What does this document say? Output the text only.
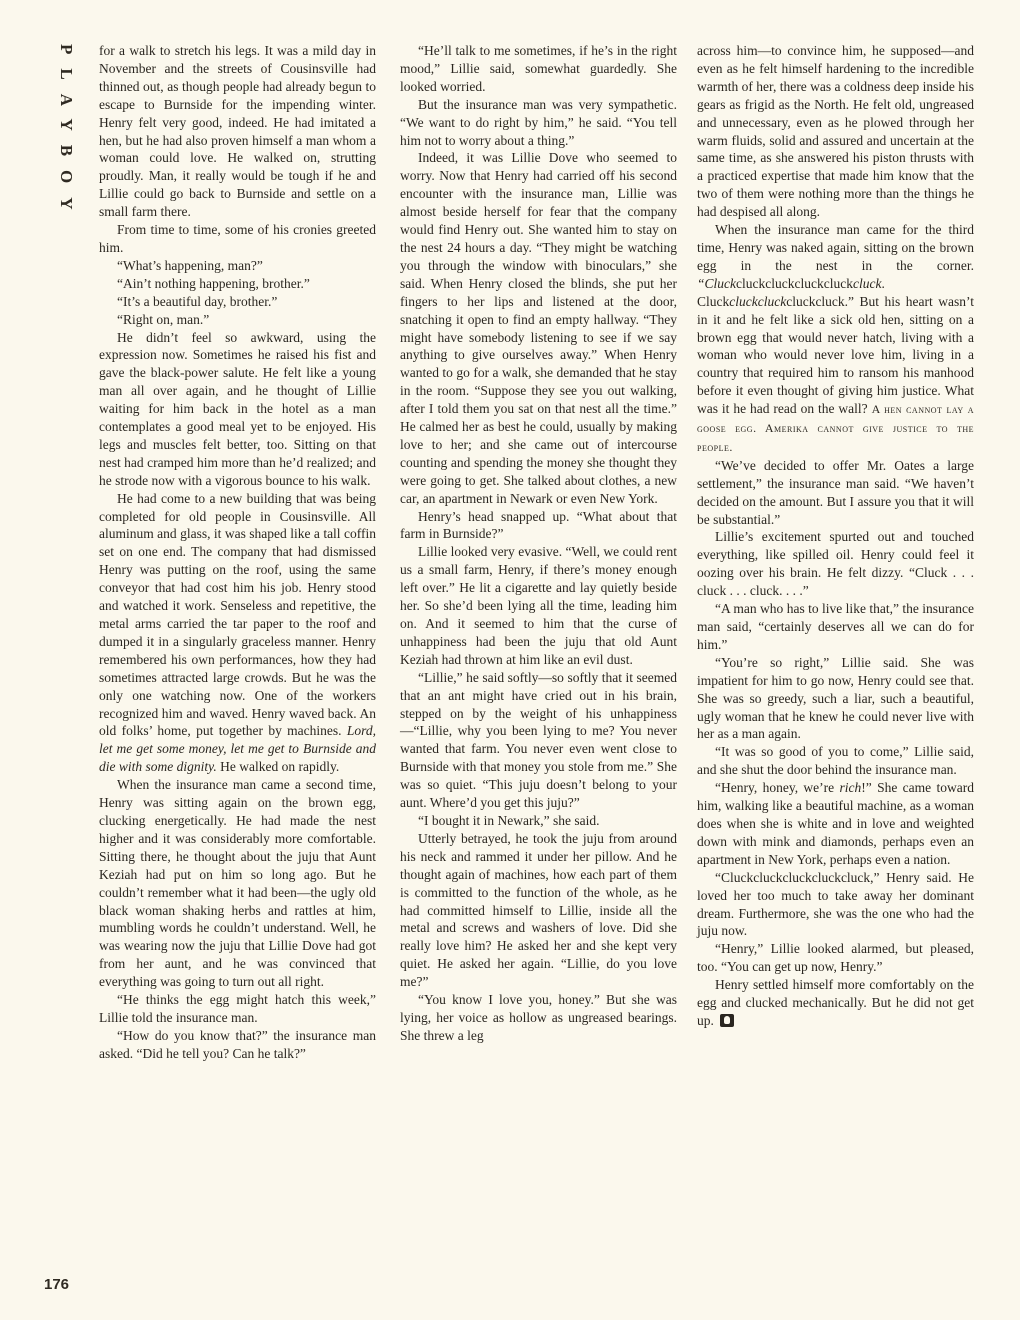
PLAYBOY
176

for a walk to stretch his legs. It was a mild day in November and the streets of Cousinsville had thinned out, as though people had already begun to escape to Burnside for the impending winter. Henry felt very good, indeed. He had imitated a hen, but he had also proven himself a man whom a woman could love. He walked on, strutting proudly. Man, it really would be tough if he and Lillie could go back to Burnside and settle on a small farm there.

From time to time, some of his cronies greeted him.

“What’s happening, man?”

“Ain’t nothing happening, brother.”

“It’s a beautiful day, brother.”

“Right on, man.”

He didn’t feel so awkward, using the expression now. Sometimes he raised his fist and gave the black-power salute. He felt like a young man all over again, and he thought of Lillie waiting for him back in the hotel as a man contemplates a good meal yet to be enjoyed. His legs and muscles felt better, too. Sitting on that nest had cramped him more than he’d realized; and he strode now with a vigorous bounce to his walk.

He had come to a new building that was being completed for old people in Cousinsville. All aluminum and glass, it was shaped like a tall coffin set on one end. The company that had dismissed Henry was putting on the roof, using the same conveyor that had cost him his job. Henry stood and watched it work. Senseless and repetitive, the metal arms carried the tar paper to the roof and dumped it in a singularly graceless manner. Henry remembered his own performances, how they had sometimes attracted large crowds. But he was the only one watching now. One of the workers recognized him and waved. Henry waved back. An old folks’ home, put together by machines. Lord, let me get some money, let me get to Burnside and die with some dignity. He walked on rapidly.

When the insurance man came a second time, Henry was sitting again on the brown egg, clucking energetically. He had made the nest higher and it was considerably more comfortable. Sitting there, he thought about the juju that Aunt Keziah had put on him so long ago. But he couldn’t remember what it had been—the ugly old black woman shaking herbs and rattles at him, mumbling words he couldn’t understand. Well, he was wearing now the juju that Lillie Dove had got from her aunt, and he was convinced that everything was going to turn out all right.

“He thinks the egg might hatch this week,” Lillie told the insurance man.

“How do you know that?” the insurance man asked. “Did he tell you? Can he talk?”

“He’ll talk to me sometimes, if he’s in the right mood,” Lillie said, somewhat guardedly. She looked worried.

But the insurance man was very sympathetic. “We want to do right by him,” he said. “You tell him not to worry about a thing.”

Indeed, it was Lillie Dove who seemed to worry. Now that Henry had carried off his second encounter with the insurance man, Lillie was almost beside herself for fear that the company would find Henry out. She wanted him to stay on the nest 24 hours a day. “They might be watching you through the window with binoculars,” she said. When Henry closed the blinds, she put her fingers to her lips and listened at the door, snatching it open to find an empty hallway. “They might have somebody listening to see if we say anything to give ourselves away.” When Henry wanted to go for a walk, she demanded that he stay in the room. “Suppose they see you out walking, after I told them you sat on that nest all the time.” He calmed her as best he could, usually by making love to her; and she came out of intercourse counting and spending the money she thought they were going to get. She talked about clothes, a new car, an apartment in Newark or even New York.

Henry’s head snapped up. “What about that farm in Burnside?”

Lillie looked very evasive. “Well, we could rent us a small farm, Henry, if there’s money enough left over.” He lit a cigarette and lay quietly beside her. So she’d been lying all the time, leading him on. And it seemed to him that the curse of unhappiness had been the juju that old Aunt Keziah had thrown at him like an evil dust.

“Lillie,” he said softly—so softly that it seemed that an ant might have cried out in his brain, stepped on by the weight of his unhappiness—“Lillie, why you been lying to me? You never wanted that farm. You never even went close to Burnside with that money you stole from me.” She was so quiet. “This juju doesn’t belong to your aunt. Where’d you get this juju?”

“I bought it in Newark,” she said.

Utterly betrayed, he took the juju from around his neck and rammed it under her pillow. And he thought again of machines, how each part of them is committed to the function of the whole, as he had committed himself to Lillie, inside all the metal and screws and washers of love. Did she really love him? He asked her and she kept very quiet. He asked her again. “Lillie, do you love me?”

“You know I love you, honey.” But she was lying, her voice as hollow as ungreased bearings. She threw a leg

across him—to convince him, he supposed—and even as he felt himself hardening to the incredible warmth of her, there was a coldness deep inside his gears as frigid as the North. He felt old, ungreased and unnecessary, even as he plowed through her warm fluids, solid and assured and uncertain at the same time, as she answered his piston thrusts with a practiced expertise that made him know that the two of them were nothing more than the things he had despised all along.

When the insurance man came for the third time, Henry was naked again, sitting on the brown egg in the nest in the corner. “Cluckcluckcluckcluckcluckcluck. Cluckcluckcluckcluckcluck.” But his heart wasn’t in it and he felt like a sick old hen, sitting on a brown egg that would never hatch, living with a woman who would never love him, living in a country that required him to ransom his manhood before it even thought of giving him justice. What was it he had read on the wall? A hen cannot lay a goose egg. Amerika cannot give justice to the people.

“We’ve decided to offer Mr. Oates a large settlement,” the insurance man said. “We haven’t decided on the amount. But I assure you that it will be substantial.”

Lillie’s excitement spurted out and touched everything, like spilled oil. Henry could feel it oozing over his brain. He felt dizzy. “Cluck . . . cluck . . . cluck. . . .”

“A man who has to live like that,” the insurance man said, “certainly deserves all we can do for him.”

“You’re so right,” Lillie said. She was impatient for him to go now, Henry could see that. She was so greedy, such a liar, such a beautiful, ugly woman that he knew he could never live with her as a man again.

“It was so good of you to come,” Lillie said, and she shut the door behind the insurance man.

“Henry, honey, we’re rich!” She came toward him, walking like a beautiful machine, as a woman does when she is white and in love and weighted down with mink and diamonds, perhaps even an apartment in New York, perhaps even a nation.

“Cluckcluckcluckcluckcluck,” Henry said. He loved her too much to take away her dominant dream. Furthermore, she was the one who had the juju now.

“Henry,” Lillie looked alarmed, but pleased, too. “You can get up now, Henry.”

Henry settled himself more comfortably on the egg and clucked mechanically. But he did not get up.
